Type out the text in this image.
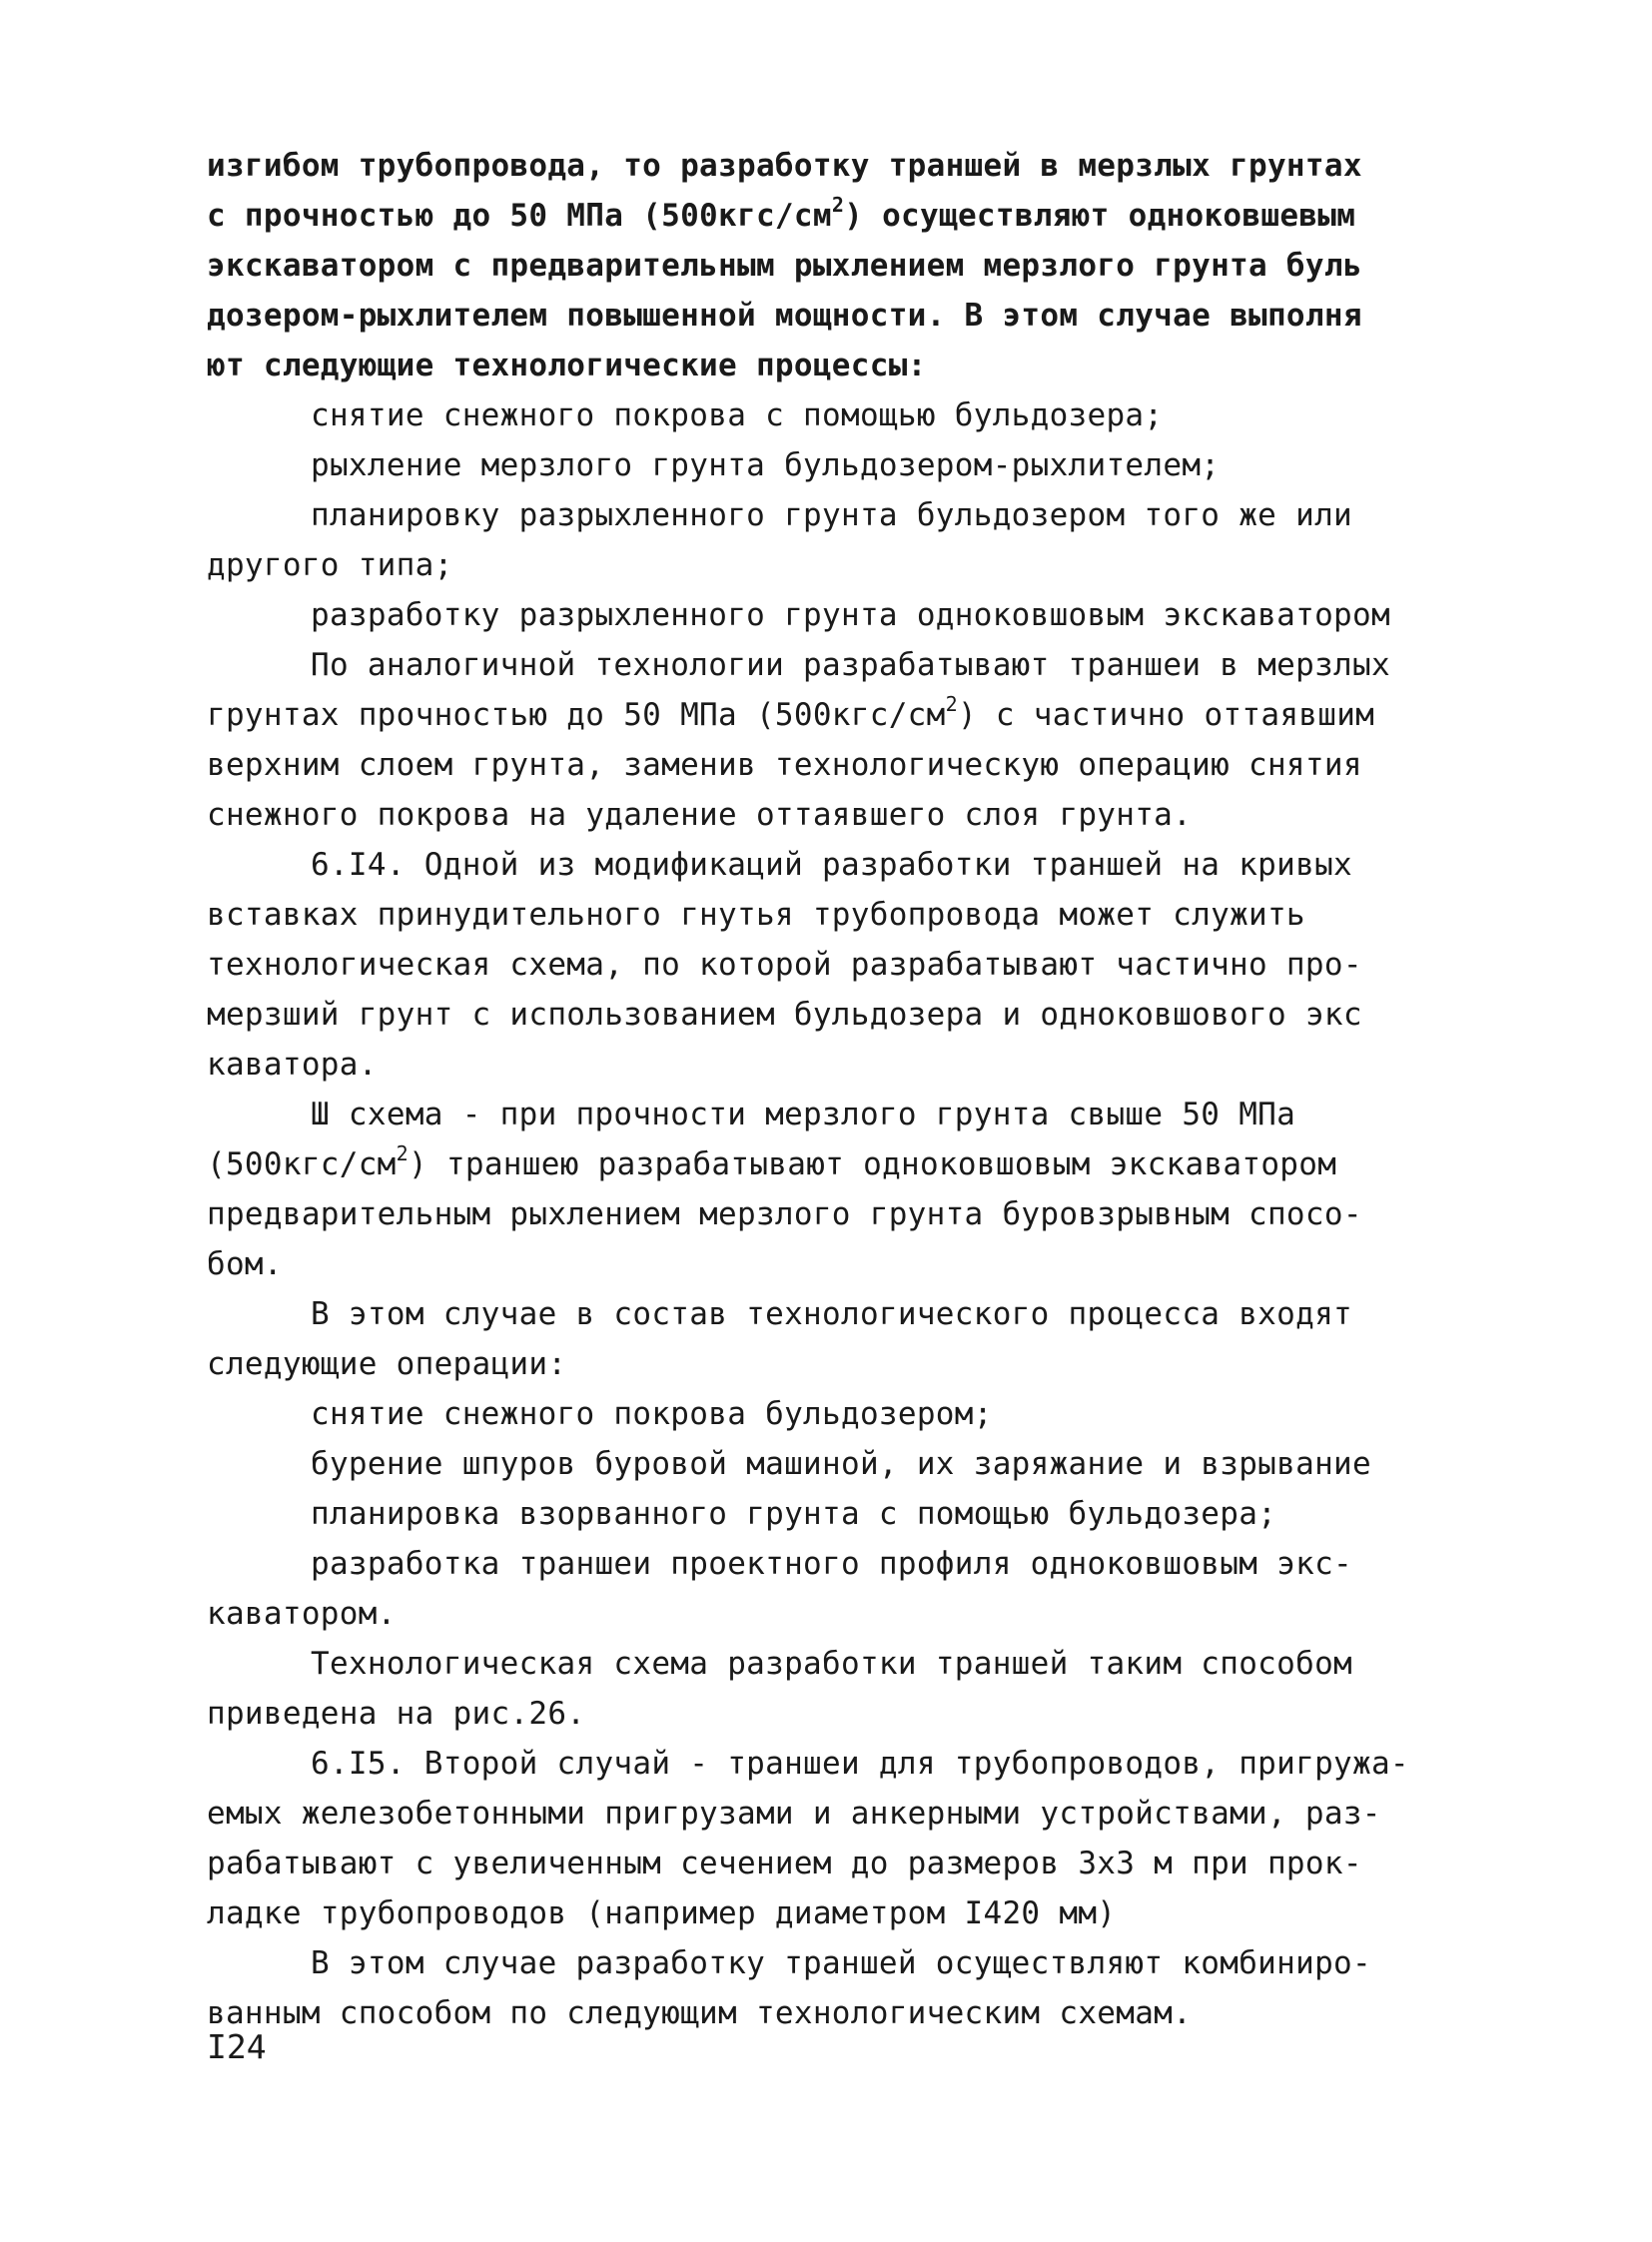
изгибом трубопровода, то разработку траншей в мерзлых грунтах
с прочностью до 50 МПа $(500кгс/см^2)$ осуществляют одноковшевым
экскаватором с предварительным рыхлением мерзлого грунта буль
дозером-рыхлителем повышенной мощности. В этом случае выполня
ют следующие технологические процессы:
снятие снежного покрова с помощью бульдозера;
рыхление мерзлого грунта бульдозером-рыхлителем;
планировку разрыхленного грунта бульдозером того же или
другого типа;
разработку разрыхленного грунта одноковшовым экскаватором
По аналогичной технологии разрабатывают траншеи в мерзлых
грунтах прочностью до 50 МПа $(500кгс/см^2)$ с частично оттаявшим
верхним слоем грунта, заменив технологическую операцию снятия
снежного покрова на удаление оттаявшего слоя грунта.
6.I4. Одной из модификаций разработки траншей на кривых
вставках принудительного гнутья трубопровода может служить
технологическая схема, по которой разрабатывают частично про-
мерзший грунт с использованием бульдозера и одноковшового экс
каватора.
Ш схема - при прочности мерзлого грунта свыше 50 МПа
$(500кгс/см^2)$ траншею разрабатывают одноковшовым экскаватором
предварительным рыхлением мерзлого грунта буровзрывным спосо-
бом.
В этом случае в состав технологического процесса входят
следующие операции:
снятие снежного покрова бульдозером;
бурение шпуров буровой машиной, их заряжание и взрывание
планировка взорванного грунта с помощью бульдозера;
разработка траншеи проектного профиля одноковшовым экс-
каватором.
Технологическая схема разработки траншей таким способом
приведена на рис.26.
6.I5. Второй случай - траншеи для трубопроводов, пригружа-
емых железобетонными пригрузами и анкерными устройствами, раз-
рабатывают с увеличенным сечением до размеров 3х3 м при прок-
ладке трубопроводов (например диаметром I420 мм)
В этом случае разработку траншей осуществляют комбиниро-
ванным способом по следующим технологическим схемам.
I24
